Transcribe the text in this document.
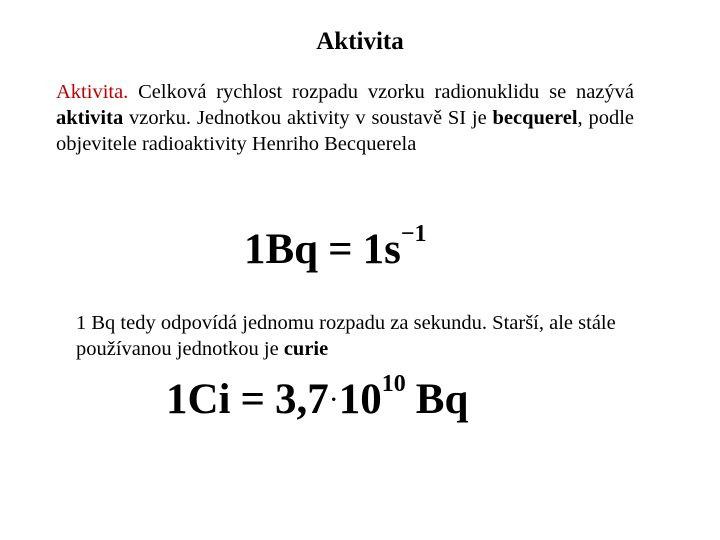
Aktivita
Aktivita. Celková rychlost rozpadu vzorku radionuklidu se nazývá aktivita vzorku. Jednotkou aktivity v soustavě SI je becquerel, podle objevitele radioaktivity Henriho Becquerela
$1Bq = 1s^{-1}$
1 Bq tedy odpovídá jednomu rozpadu za sekundu. Starší, ale stále používanou jednotkou je curie
$1Ci = 3,7\cdot 10^{10}$ Bq
